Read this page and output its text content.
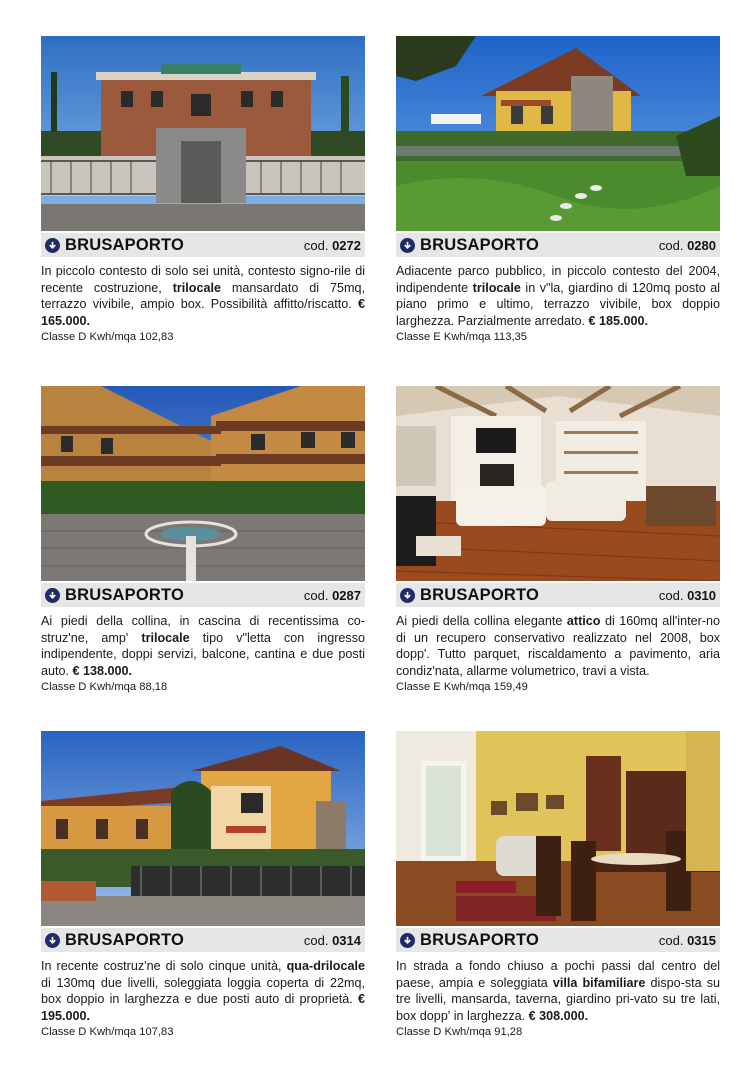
BRUSAPORTO	cod. 0272
In piccolo contesto di solo sei unità, contesto signo-rile di recente costruzione, trilocale mansardato di 75mq, terrazzo vivibile, ampio box. Possibilità affitto/riscatto. € 165.000.
Classe D Kwh/mqa 102,83
BRUSAPORTO	cod. 0280
Adiacente parco pubblico, in piccolo contesto del 2004, indipendente trilocale in v"la, giardino di 120mq posto al piano primo e ultimo, terrazzo vivibile, box doppio larghezza. Parzialmente arredato. € 185.000.
Classe E Kwh/mqa 113,35
BRUSAPORTO	cod. 0287
Ai piedi della collina, in cascina di recentissima co-struz'ne, amp' trilocale tipo v"letta con ingresso indipendente, doppi servizi, balcone, cantina e due posti auto. € 138.000.
Classe D Kwh/mqa 88,18
BRUSAPORTO	cod. 0310
Ai piedi della collina elegante attico di 160mq all'inter-no di un recupero conservativo realizzato nel 2008, box dopp'. Tutto parquet, riscaldamento a pavimento, aria condiz'nata, allarme volumetrico, travi a vista.
Classe E Kwh/mqa 159,49
BRUSAPORTO	cod. 0314
In recente costruz'ne di solo cinque unità, qua-drilocale di 130mq due livelli, soleggiata loggia coperta di 22mq, box doppio in larghezza e due posti auto di proprietà. € 195.000.
Classe D Kwh/mqa 107,83
BRUSAPORTO	cod. 0315
In strada a fondo chiuso a pochi passi dal centro del paese, ampia e soleggiata villa bifamiliare dispo-sta su tre livelli, mansarda, taverna, giardino pri-vato su tre lati, box dopp' in larghezza. € 308.000.
Classe D Kwh/mqa 91,28
